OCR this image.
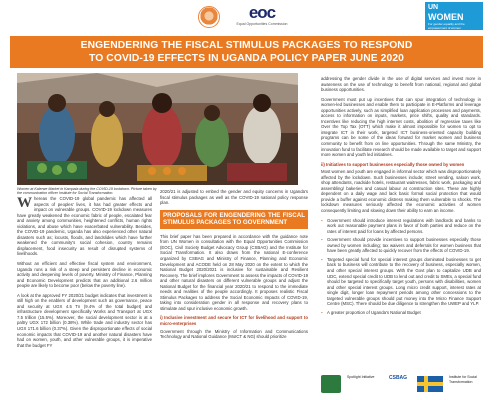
eoc
Equal Opportunities Commission
UN
WOMEN
For gender equality and the empowerment of women
ENGENDERING THE FISCAL STIMULUS PACKAGES TO RESPOND
TO COVID-19 EFFECTS IN UGANDA POLICY PAPER JUNE 2020
Women at Kalerwe Market in Kampala during the COVID-19 lockdown. Picture taken by the communication officer Institute for Social Transformation.

Whereas the COVID-19 global pandemic has affected all aspects of peoples' lives, it has had greater effects and impact on vulnerable groups. COVID-19 lockdown measures have greatly weakened the economic fabric of people, escalated fear and anxiety among communities, heightened conflicts, human rights violations, and abuse which have exacerbated vulnerability. Besides, the COVID-19 pandemic, Uganda has also experienced other natural disasters such as; locusts, floods, and landslides which have further weakened the community's social cohesion, country remains displacement, food insecurity as result of disrupted systems of livelihoods.

Without an efficient and effective fiscal system and environment, Uganda runs a risk of a steep and persistent decline in economic activity and deepening levels of poverty. Ministry of Finance, Planning and Economic Development predicts that an additional 2.6 million people are likely to become poor (below the poverty line).

A look at the approved FY 2020/21 budget indicates that investment is still high on the enablers of development such as governance, peace and security at UGX 4.5 Tn (9.4% of the total budget) and infrastructure development specifically Works and Transport at UGX 7.5 trillion (15.5%). Moreover, the social development sector is at a paltry UGX 172 billion (0.38%). While trade and industry sector has UGX 171.6 billion (0.37%). Given the disproportionate effects of social economic impacts that COVID-19 and another natural disasters have had on women, youth, and other vulnerable groups, it is imperative that the budget FY

2020/21 is adjusted to embed the gender and equity concerns in Uganda's fiscal stimulus packages as well as the COVID-19 national policy response plan.

PROPOSALS FOR ENGENDERING THE FISCAL STIMULUS PACKAGES TO GOVERNMENT

This brief paper has been prepared in accordance with the guidance note from UN Women in consultation with the Equal Opportunities Commission (EOC), Civil Society Budget Advocacy Group (CSBAG) and the Institute for Social Transformation. It also draws from the national E-conference organized by CSBAG and Ministry of Finance, Planning and Economic Development and ACODE held on 28 May 2020 on the extent to which the National Budget 2020/2021 is inclusive for sustainable and Resilient Recovery. The brief implores Government to assess the impacts of COVID-19 and other natural disasters on different vulnerable groups and adjust the National Budget for the financial year 2020/21 to respond to the immediate needs and realities of the people accordingly. It proposes realistic Fiscal Stimulus Packages to address the Social Economic Impacts of COVID-19, taking into consideration gender in all response and recovery plans to stimulate and spur inclusive economic growth.

i) Inclusive investment and secure for ICT for livelihood and support to micro-enterprises

Government through the Ministry of Information and Communications Technology and National Guidance (MoICT & NG) should prioritize

addressing the gender divide in the use of digital services and invest more in awareness on the use of technology to benefit from national, regional and global business opportunities.

Government must put up incentives that can spur integration of technology in women-led businesses and enable them to participate in E-Platforms and leverage opportunities actively, such as simplified loan application processes and payments, access to information on inputs, markets, price shifts, quality and standards. Incentives like reducing the high internet costs, abolition of regressive taxes like Over the Top Tax (OTT) which make it almost impossible for women to opt to integrate ICT in their work, targeted ICT business-oriented capacity building programs can be some of the ideas forward for market women and business community to benefit from on line opportunities. Through the same Ministry, the innovation fund to facilitate research should be made available to target and support more women and youth led initiatives.

ii) Initiatives to support businesses especially those owned by women

Most women and youth are engaged in informal sector which was disproportionately affected by the lockdown. Such businesses include; street vending, saloon work, shop attendants, roadside hotels, restaurant waitresses, fabric work, packaging and assembling/ bakeries and casual labour at construction sites. These are highly dependent on a daily wage and lack basic formal social protection that would provide a buffer against economic distress making them vulnerable to shocks. The lockdown measures seriously affected the economic activities of women consequently limiting and slowing down their ability to earn an income.

▪ Government should introduce interest regulations with landlords and banks to work out reasonable payment plans in favor of both parties and reduce on the rates of interest paid for loans by affected persons.
▪ Government should provide incentives to support businesses especially those owned by women including; tax waivers and deferrals for women business that have been greatly affected to quickly recover from the effects of COVID-19.
▪ Targeted special fund for special interest groups dominated businesses to get back to business will contribute to the recovery of business, especially women, and other special interest groups. With the Govt plan to capitalize UDB and UDC, extend special credit to UDB to lend out and credit to SMEs, a special fund should be targeted to specifically target youth, persons with disabilities, women and other special interest groups. Long micro credit support, interest rates at single digit, longer loan repayment periods among other concessions to the targeted vulnerable groups should put money into the Micro Finance Support Centre (MSC). There should be due diligence to strengthen the UWEP and YLP.
▪ A greater proportion of Uganda's National Budget
Spotlight Initiative	CSBAG	Institute for Social Transformation
